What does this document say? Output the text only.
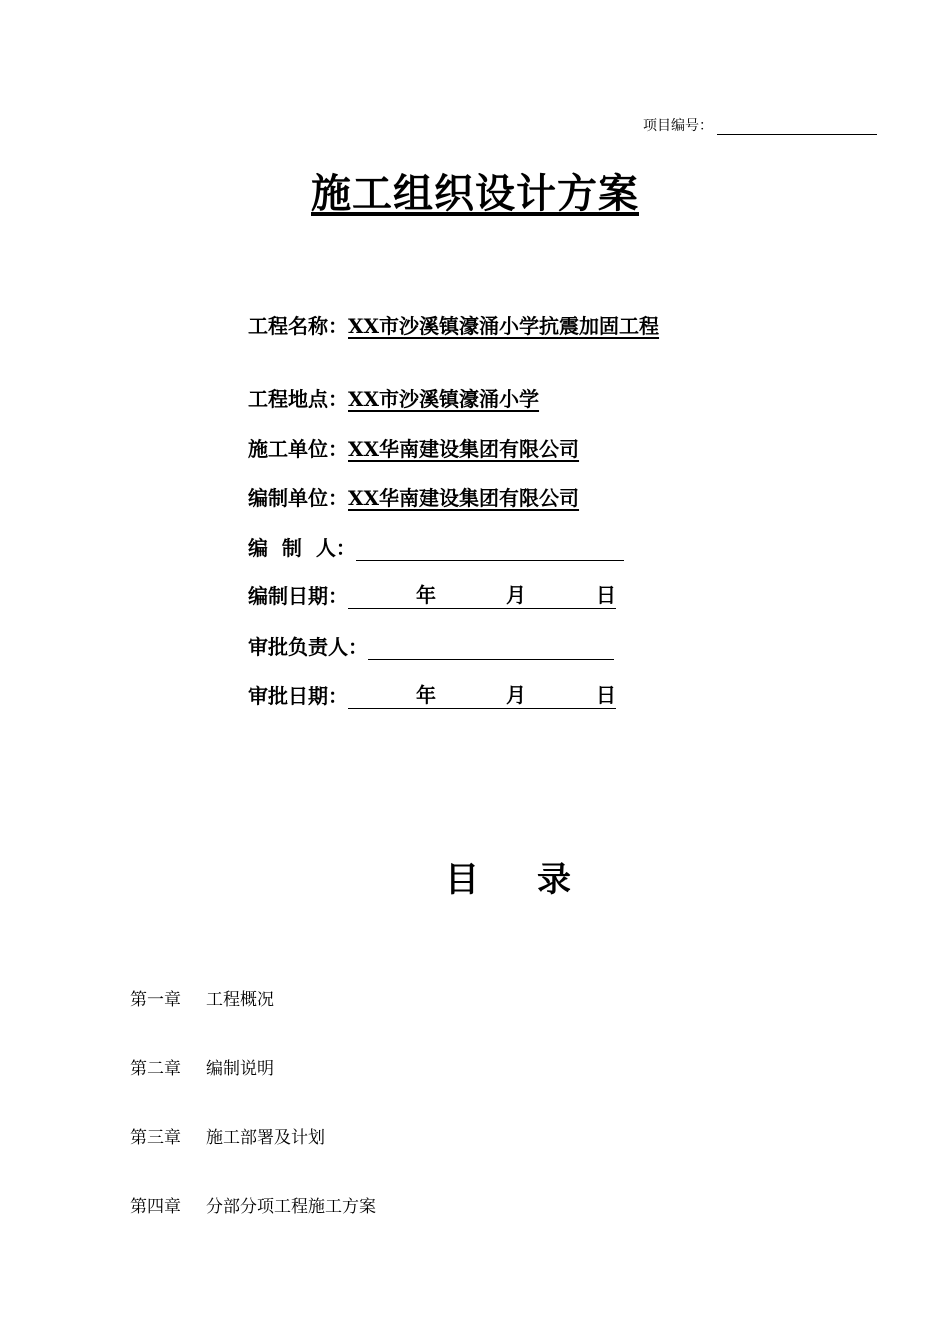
项目编号：
施工组织设计方案
工程名称：XX市沙溪镇濠涌小学抗震加固工程
工程地点：XX市沙溪镇濠涌小学
施工单位：XX华南建设集团有限公司
编制单位：XX华南建设集团有限公司
编  制  人：
编制日期：	年	月	日
审批负责人：
审批日期：	年	月	日
目 录
第一章 工程概况
第二章 编制说明
第三章 施工部署及计划
第四章 分部分项工程施工方案
